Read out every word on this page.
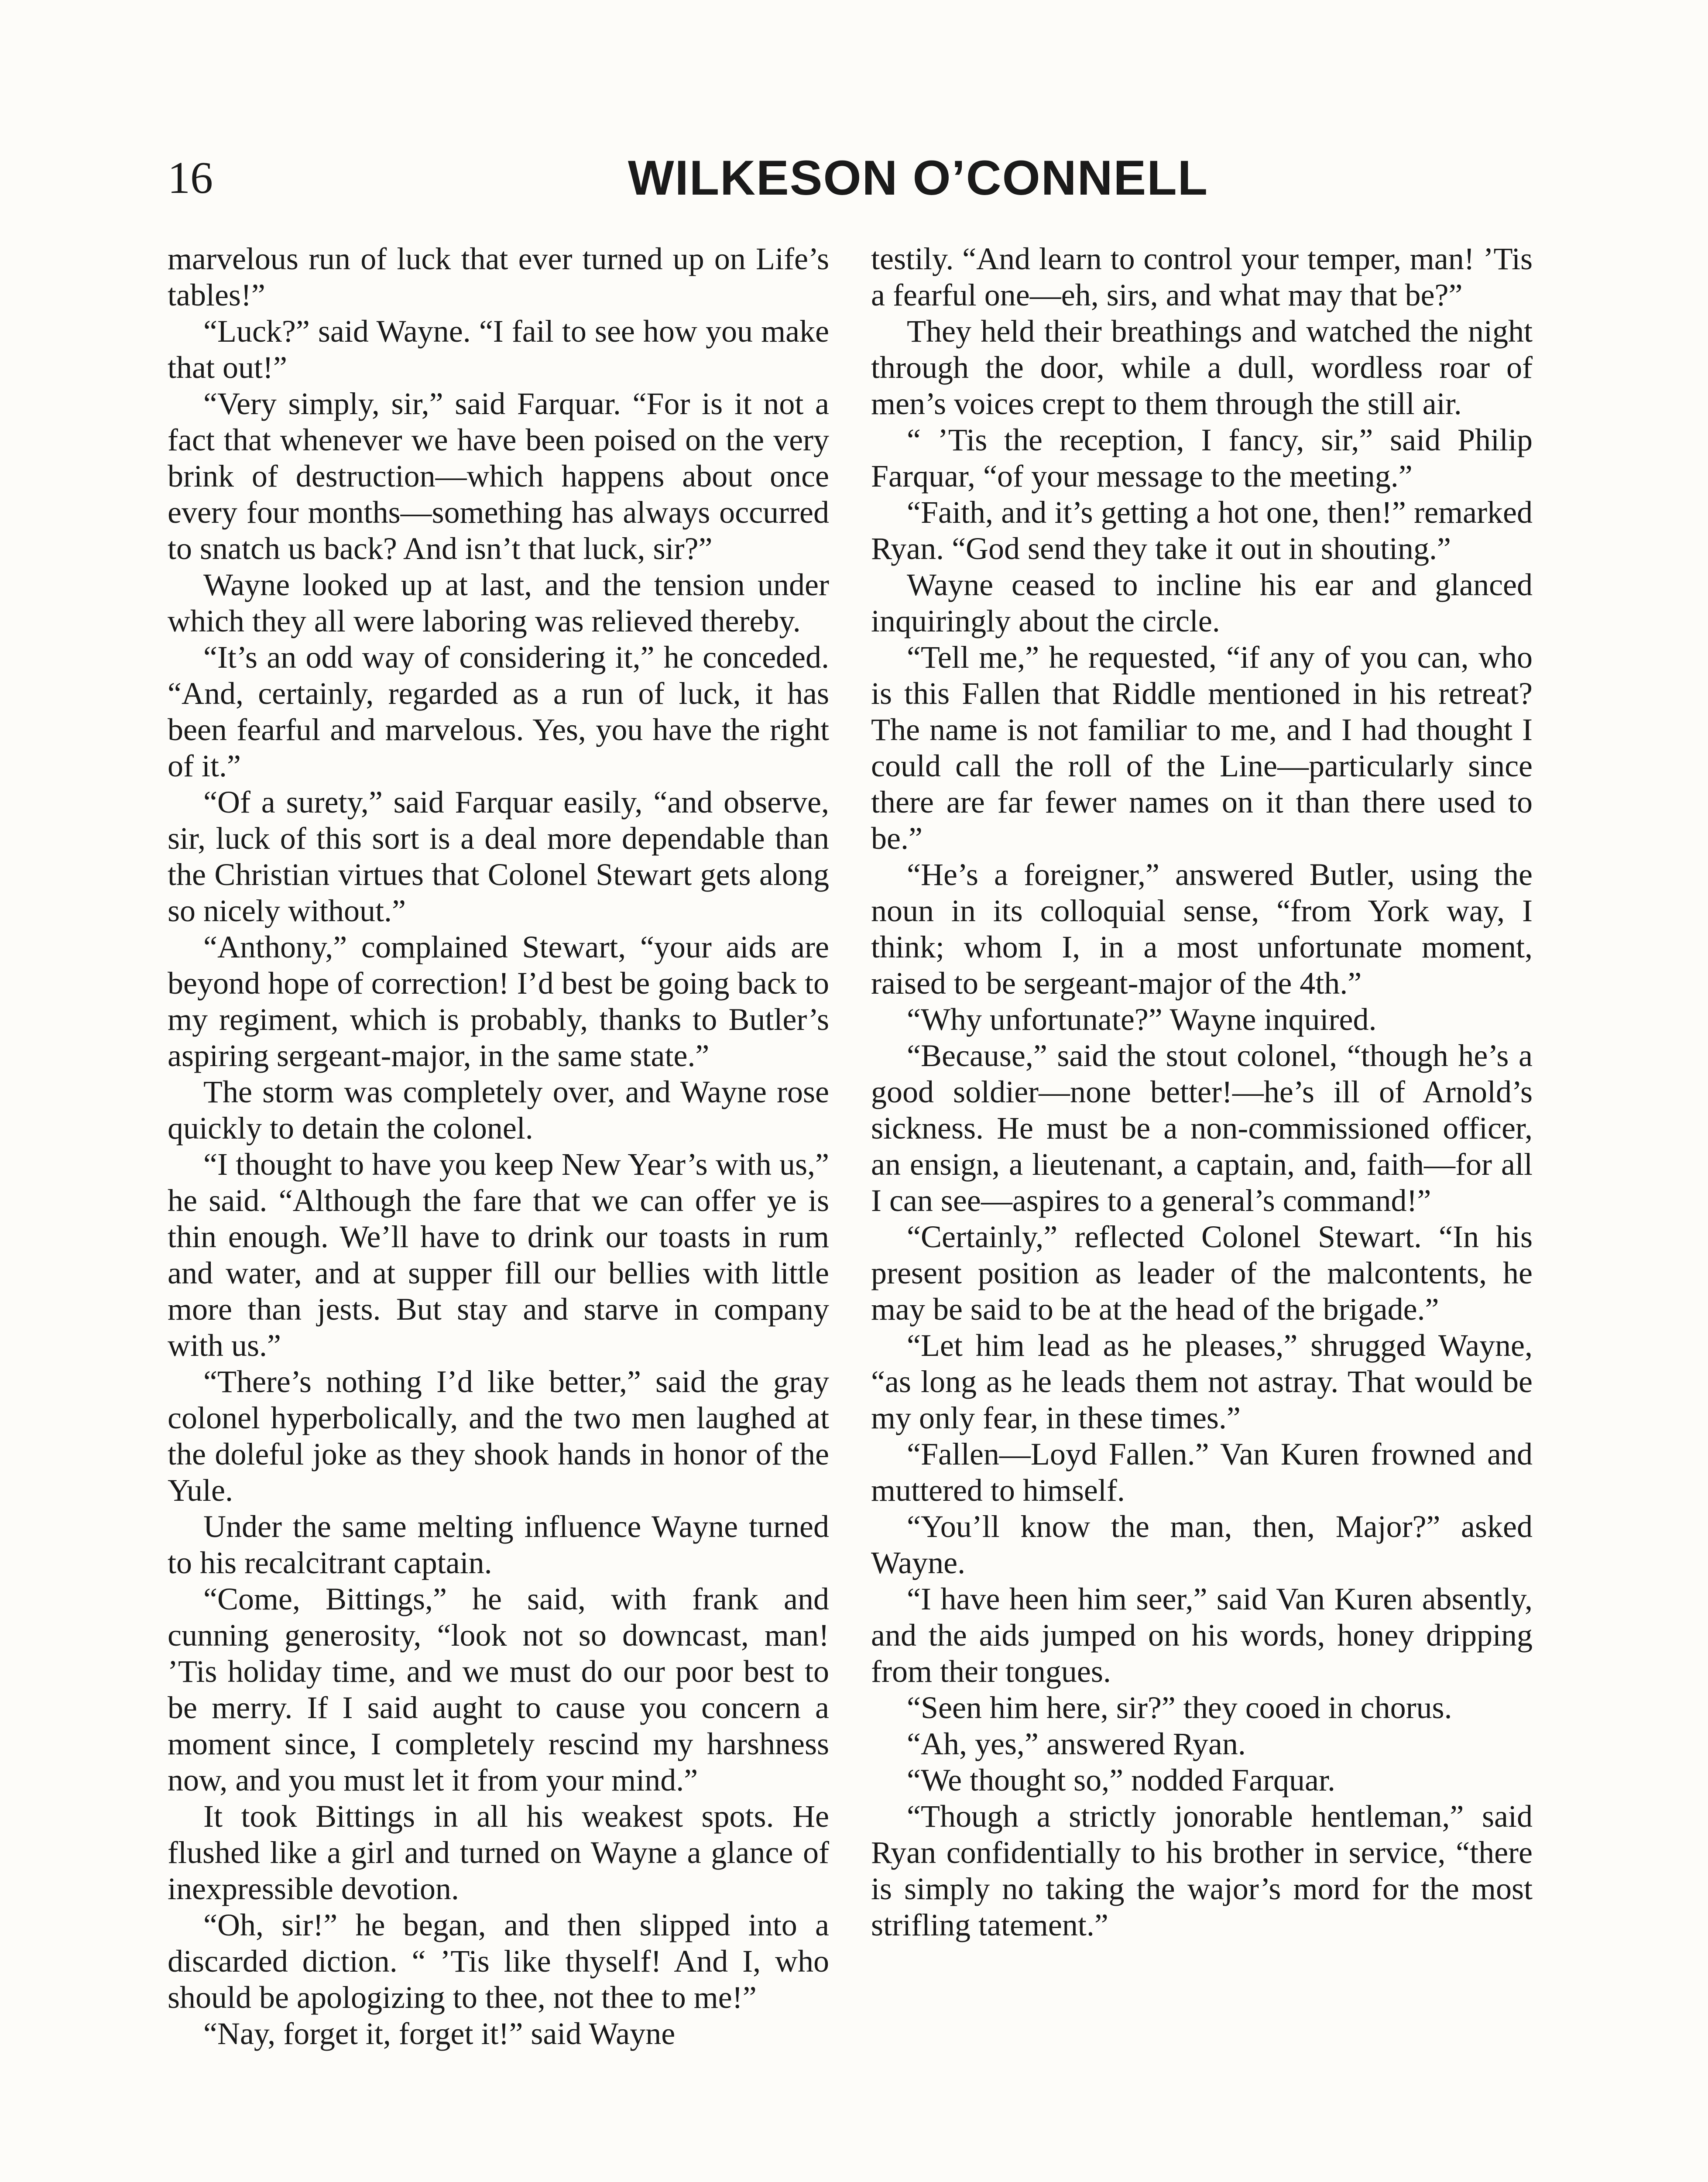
16	WILKESON O’CONNELL

marvelous run of luck that ever turned up on Life’s tables!”

“Luck?” said Wayne. “I fail to see how you make that out!”

“Very simply, sir,” said Farquar. “For is it not a fact that whenever we have been poised on the very brink of destruction—which happens about once every four months—something has always occurred to snatch us back? And isn’t that luck, sir?”

Wayne looked up at last, and the tension under which they all were laboring was relieved thereby.

“It’s an odd way of considering it,” he conceded. “And, certainly, regarded as a run of luck, it has been fearful and marvelous. Yes, you have the right of it.”

“Of a surety,” said Farquar easily, “and observe, sir, luck of this sort is a deal more dependable than the Christian virtues that Colonel Stewart gets along so nicely without.”

“Anthony,” complained Stewart, “your aids are beyond hope of correction! I’d best be going back to my regiment, which is probably, thanks to Butler’s aspiring sergeant-major, in the same state.”

The storm was completely over, and Wayne rose quickly to detain the colonel.

“I thought to have you keep New Year’s with us,” he said. “Although the fare that we can offer ye is thin enough. We’ll have to drink our toasts in rum and water, and at supper fill our bellies with little more than jests. But stay and starve in company with us.”

“There’s nothing I’d like better,” said the gray colonel hyperbolically, and the two men laughed at the doleful joke as they shook hands in honor of the Yule.

Under the same melting influence Wayne turned to his recalcitrant captain.

“Come, Bittings,” he said, with frank and cunning generosity, “look not so downcast, man! ’Tis holiday time, and we must do our poor best to be merry. If I said aught to cause you concern a moment since, I completely rescind my harshness now, and you must let it from your mind.”

It took Bittings in all his weakest spots. He flushed like a girl and turned on Wayne a glance of inexpressible devotion.

“Oh, sir!” he began, and then slipped into a discarded diction. “ ’Tis like thyself! And I, who should be apologizing to thee, not thee to me!”

“Nay, forget it, forget it!” said Wayne

testily. “And learn to control your temper, man! ’Tis a fearful one—eh, sirs, and what may that be?”

They held their breathings and watched the night through the door, while a dull, wordless roar of men’s voices crept to them through the still air.

“ ’Tis the reception, I fancy, sir,” said Philip Farquar, “of your message to the meeting.”

“Faith, and it’s getting a hot one, then!” remarked Ryan. “God send they take it out in shouting.”

Wayne ceased to incline his ear and glanced inquiringly about the circle.

“Tell me,” he requested, “if any of you can, who is this Fallen that Riddle mentioned in his retreat? The name is not familiar to me, and I had thought I could call the roll of the Line—particularly since there are far fewer names on it than there used to be.”

“He’s a foreigner,” answered Butler, using the noun in its colloquial sense, “from York way, I think; whom I, in a most unfortunate moment, raised to be sergeant-major of the 4th.”

“Why unfortunate?” Wayne inquired.

“Because,” said the stout colonel, “though he’s a good soldier—none better!—he’s ill of Arnold’s sickness. He must be a non-commissioned officer, an ensign, a lieutenant, a captain, and, faith—for all I can see—aspires to a general’s command!”

“Certainly,” reflected Colonel Stewart. “In his present position as leader of the malcontents, he may be said to be at the head of the brigade.”

“Let him lead as he pleases,” shrugged Wayne, “as long as he leads them not astray. That would be my only fear, in these times.”

“Fallen—Loyd Fallen.” Van Kuren frowned and muttered to himself.

“You’ll know the man, then, Major?” asked Wayne.

“I have heen him seer,” said Van Kuren absently, and the aids jumped on his words, honey dripping from their tongues.

“Seen him here, sir?” they cooed in chorus.

“Ah, yes,” answered Ryan.

“We thought so,” nodded Farquar.

“Though a strictly jonorable hentleman,” said Ryan confidentially to his brother in service, “there is simply no taking the wajor’s mord for the most strifling tatement.”
